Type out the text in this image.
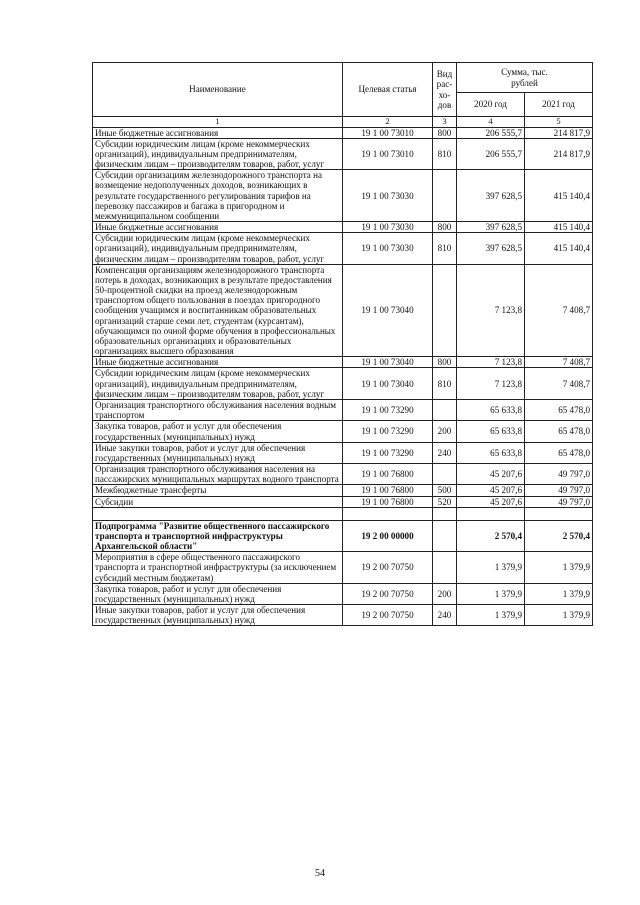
Наименование	Целевая статья	Вид рас-хо-дов	Сумма, тыс. рублей	
			2020 год	2021 год
1	2	3	4	5
Иные бюджетные ассигнования	19 1 00 73010	800	206 555,7	214 817,9
Субсидии юридическим лицам (кроме некоммерческих организаций), индивидуальным предпринимателям, физическим лицам – производителям товаров, работ, услуг	19 1 00 73010	810	206 555,7	214 817,9
Субсидии организациям железнодорожного транспорта на возмещение недополученных доходов, возникающих в результате государственного регулирования тарифов на перевозку пассажиров и багажа в пригородном и межмуниципальном сообщении	19 1 00 73030		397 628,5	415 140,4
Иные бюджетные ассигнования	19 1 00 73030	800	397 628,5	415 140,4
Субсидии юридическим лицам (кроме некоммерческих организаций), индивидуальным предпринимателям, физическим лицам – производителям товаров, работ, услуг	19 1 00 73030	810	397 628,5	415 140,4
Компенсация организациям железнодорожного транспорта потерь в доходах, возникающих в результате предоставления 50-процентной скидки на проезд железнодорожным транспортом общего пользования в поездах пригородного сообщения учащимся и воспитанникам образовательных организаций старше семи лет, студентам (курсантам), обучающимся по очной форме обучения в профессиональных образовательных организациях и образовательных организациях высшего образования	19 1 00 73040		7 123,8	7 408,7
Иные бюджетные ассигнования	19 1 00 73040	800	7 123,8	7 408,7
Субсидии юридическим лицам (кроме некоммерческих организаций), индивидуальным предпринимателям, физическим лицам – производителям товаров, работ, услуг	19 1 00 73040	810	7 123,8	7 408,7
Организация транспортного обслуживания населения водным транспортом	19 1 00 73290		65 633,8	65 478,0
Закупка товаров, работ и услуг для обеспечения государственных (муниципальных) нужд	19 1 00 73290	200	65 633,8	65 478,0
Иные закупки товаров, работ и услуг для обеспечения государственных (муниципальных) нужд	19 1 00 73290	240	65 633,8	65 478,0
Организация транспортного обслуживания населения на пассажирских муниципальных маршрутах водного транспорта	19 1 00 76800		45 207,6	49 797,0
Межбюджетные трансферты	19 1 00 76800	500	45 207,6	49 797,0
Субсидии	19 1 00 76800	520	45 207,6	49 797,0

Подпрограмма "Развитие общественного пассажирского транспорта и транспортной инфраструктуры Архангельской области"	19 2 00 00000		2 570,4	2 570,4
Мероприятия в сфере общественного пассажирского транспорта и транспортной инфраструктуры (за исключением субсидий местным бюджетам)	19 2 00 70750		1 379,9	1 379,9
Закупка товаров, работ и услуг для обеспечения государственных (муниципальных) нужд	19 2 00 70750	200	1 379,9	1 379,9
Иные закупки товаров, работ и услуг для обеспечения государственных (муниципальных) нужд	19 2 00 70750	240	1 379,9	1 379,9
54
